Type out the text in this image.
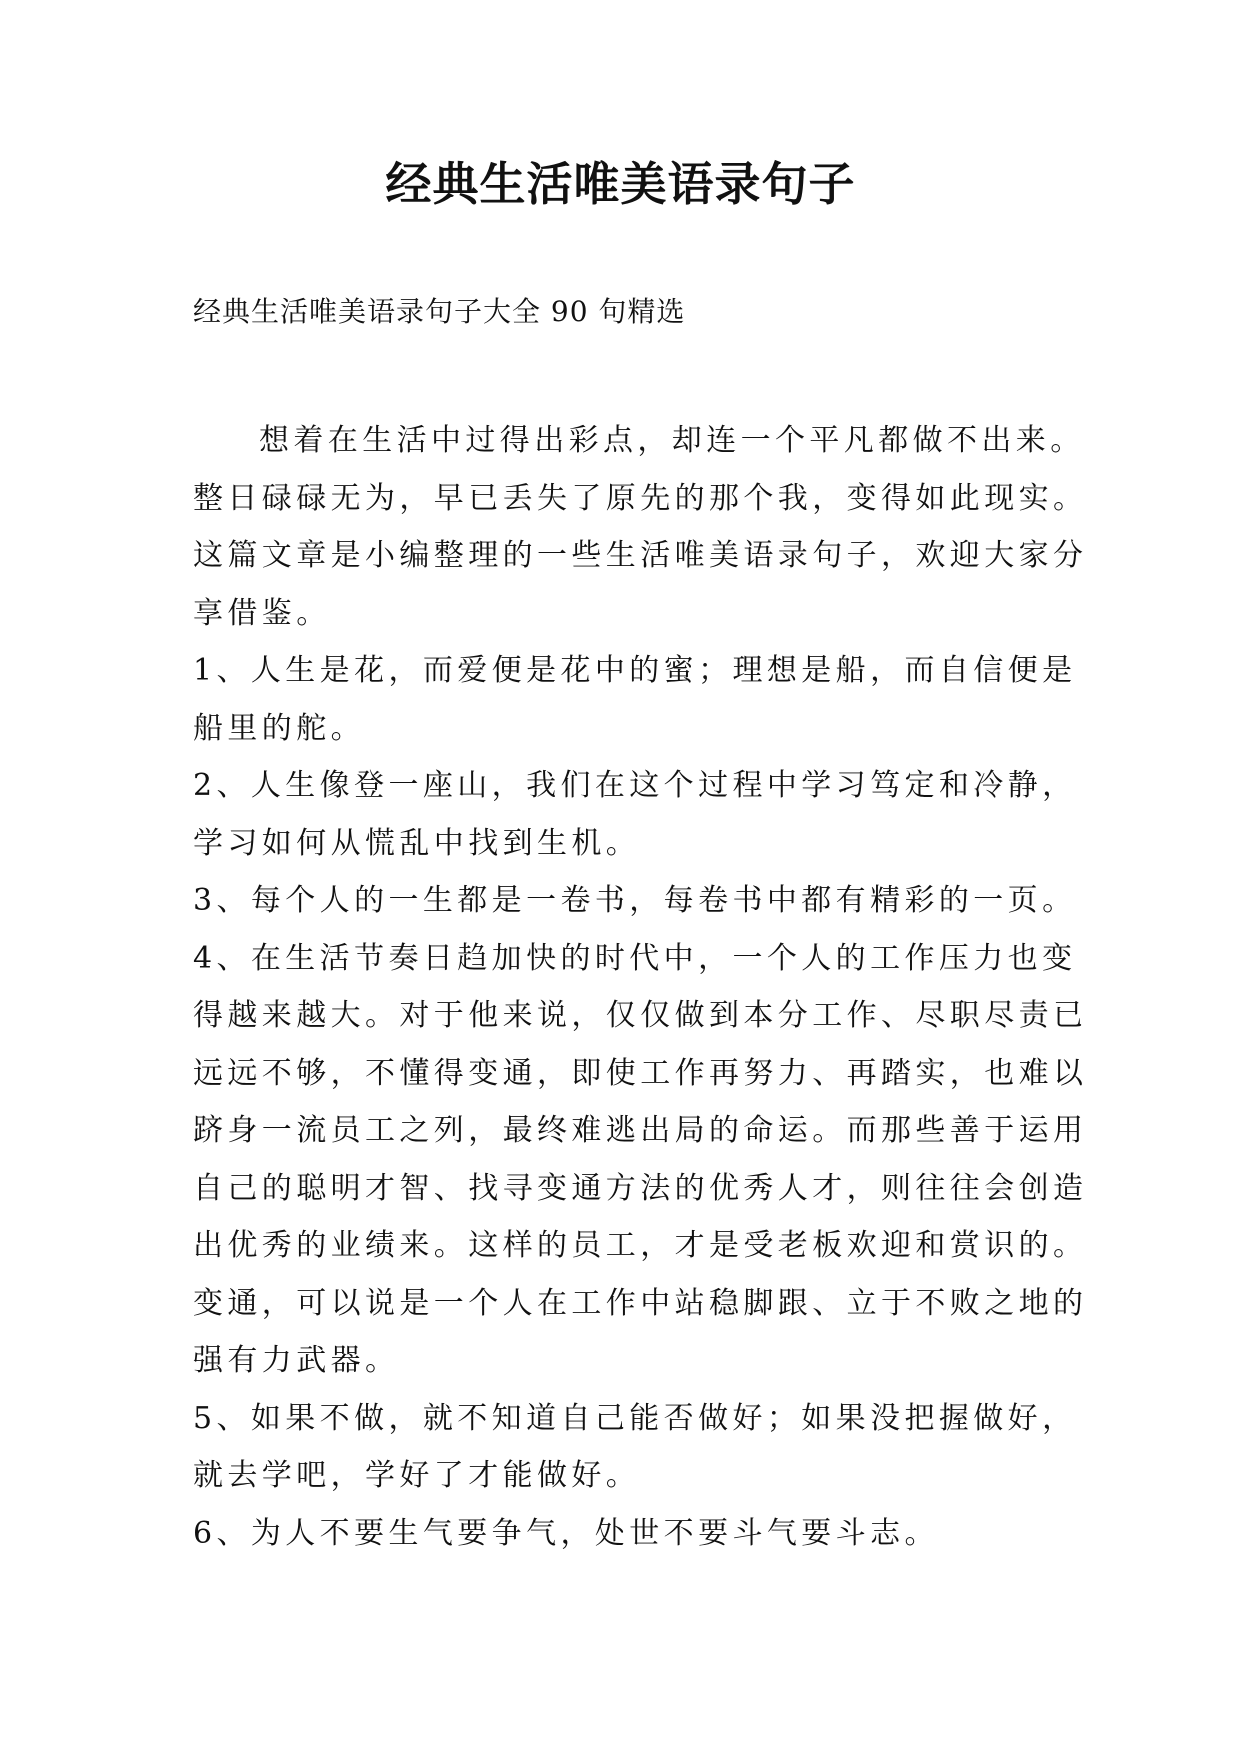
经典生活唯美语录句子

经典生活唯美语录句子大全 90 句精选

想着在生活中过得出彩点，却连一个平凡都做不出来。
整日碌碌无为，早已丢失了原先的那个我，变得如此现实。
这篇文章是小编整理的一些生活唯美语录句子，欢迎大家分
享借鉴。
1、人生是花，而爱便是花中的蜜；理想是船，而自信便是
船里的舵。
2、人生像登一座山，我们在这个过程中学习笃定和冷静，
学习如何从慌乱中找到生机。
3、每个人的一生都是一卷书，每卷书中都有精彩的一页。
4、在生活节奏日趋加快的时代中，一个人的工作压力也变
得越来越大。对于他来说，仅仅做到本分工作、尽职尽责已
远远不够，不懂得变通，即使工作再努力、再踏实，也难以
跻身一流员工之列，最终难逃出局的命运。而那些善于运用
自己的聪明才智、找寻变通方法的优秀人才，则往往会创造
出优秀的业绩来。这样的员工，才是受老板欢迎和赏识的。
变通，可以说是一个人在工作中站稳脚跟、立于不败之地的
强有力武器。
5、如果不做，就不知道自己能否做好；如果没把握做好，
就去学吧，学好了才能做好。
6、为人不要生气要争气，处世不要斗气要斗志。
